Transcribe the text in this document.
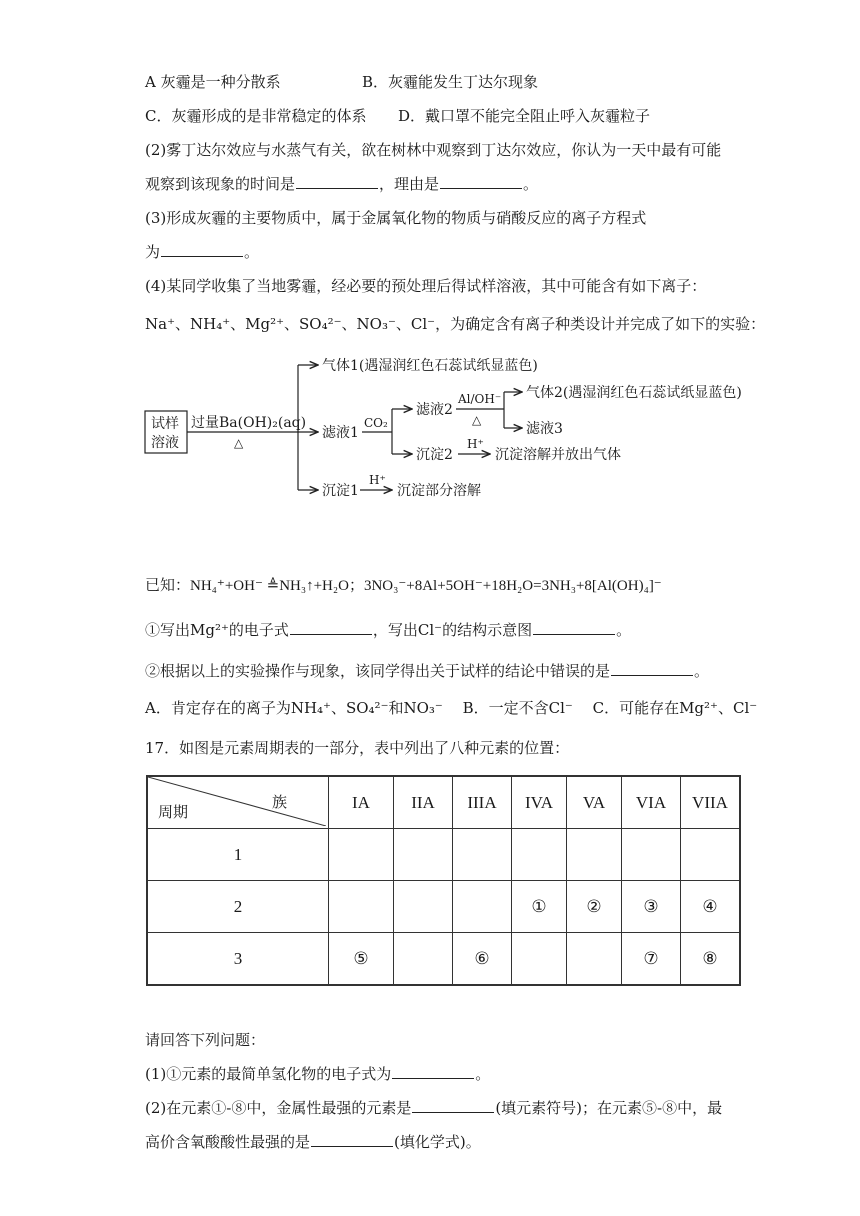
A 灰霾是一种分散系	B．灰霾能发生丁达尔现象
C．灰霾形成的是非常稳定的体系 D．戴口罩不能完全阻止呼入灰霾粒子
(2)雾丁达尔效应与水蒸气有关，欲在树林中观察到丁达尔效应，你认为一天中最有可能
观察到该现象的时间是	，理由是	。
(3)形成灰霾的主要物质中，属于金属氧化物的物质与硝酸反应的离子方程式
为	。
(4)某同学收集了当地雾霾，经必要的预处理后得试样溶液，其中可能含有如下离子：
Na⁺、NH₄⁺、Mg²⁺、SO₄²⁻、NO₃⁻、Cl⁻，为确定含有离子种类设计并完成了如下的实验：
试样
溶液
过量Ba(OH)₂(aq)
△
气体1(遇湿润红色石蕊试纸显蓝色)
滤液1
沉淀1
H⁺
沉淀部分溶解
CO₂
滤液2
沉淀2
H⁺
沉淀溶解并放出气体
Al/OH⁻
△
气体2(遇湿润红色石蕊试纸显蓝色)
滤液3
已知：NH₄⁺+OH⁻ ≜NH₃↑+H₂O；3NO₃⁻+8Al+5OH⁻+18H₂O=3NH₃+8[Al(OH)₄]⁻
①写出Mg²⁺的电子式	，写出Cl⁻的结构示意图	。
②根据以上的实验操作与现象，该同学得出关于试样的结论中错误的是	。
A．肯定存在的离子为NH₄⁺、SO₄²⁻和NO₃⁻　 B．一定不含Cl⁻　 C．可能存在Mg²⁺、Cl⁻
17．如图是元素周期表的一部分，表中列出了八种元素的位置：
周期
族	IA	IIA	IIIA	IVA	VA	VIA	VIIA
1							
2				①	②	③	④
3	⑤		⑥			⑦	⑧
请回答下列问题：
(1)①元素的最简单氢化物的电子式为	。
(2)在元素①-⑧中，金属性最强的元素是	(填元素符号)；在元素⑤-⑧中，最
高价含氧酸酸性最强的是	(填化学式)。
